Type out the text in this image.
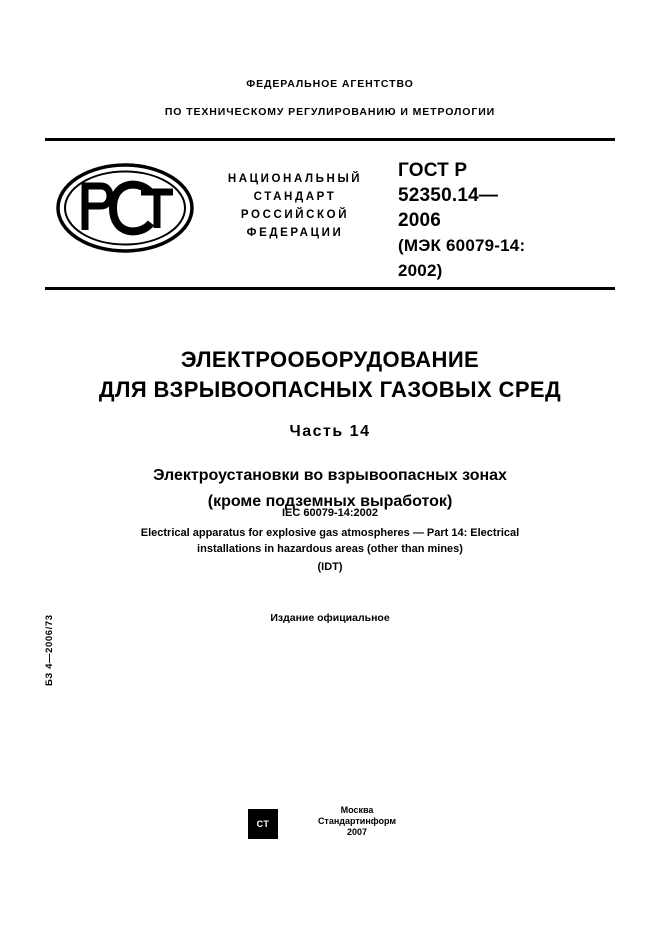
ФЕДЕРАЛЬНОЕ АГЕНТСТВО
ПО ТЕХНИЧЕСКОМУ РЕГУЛИРОВАНИЮ И МЕТРОЛОГИИ
НАЦИОНАЛЬНЫЙ
СТАНДАРТ
РОССИЙСКОЙ
ФЕДЕРАЦИИ
ГОСТ Р
52350.14—
2006
(МЭК 60079-14:
2002)
ЭЛЕКТРООБОРУДОВАНИЕ
ДЛЯ ВЗРЫВООПАСНЫХ ГАЗОВЫХ СРЕД
Часть 14
Электроустановки во взрывоопасных зонах
(кроме подземных выработок)
IEC 60079-14:2002
Electrical apparatus for explosive gas atmospheres — Part 14: Electrical
installations in hazardous areas (other than mines)
(IDT)
Издание официальное
БЗ 4—2006/73
СТ
Москва
Стандартинформ
2007
